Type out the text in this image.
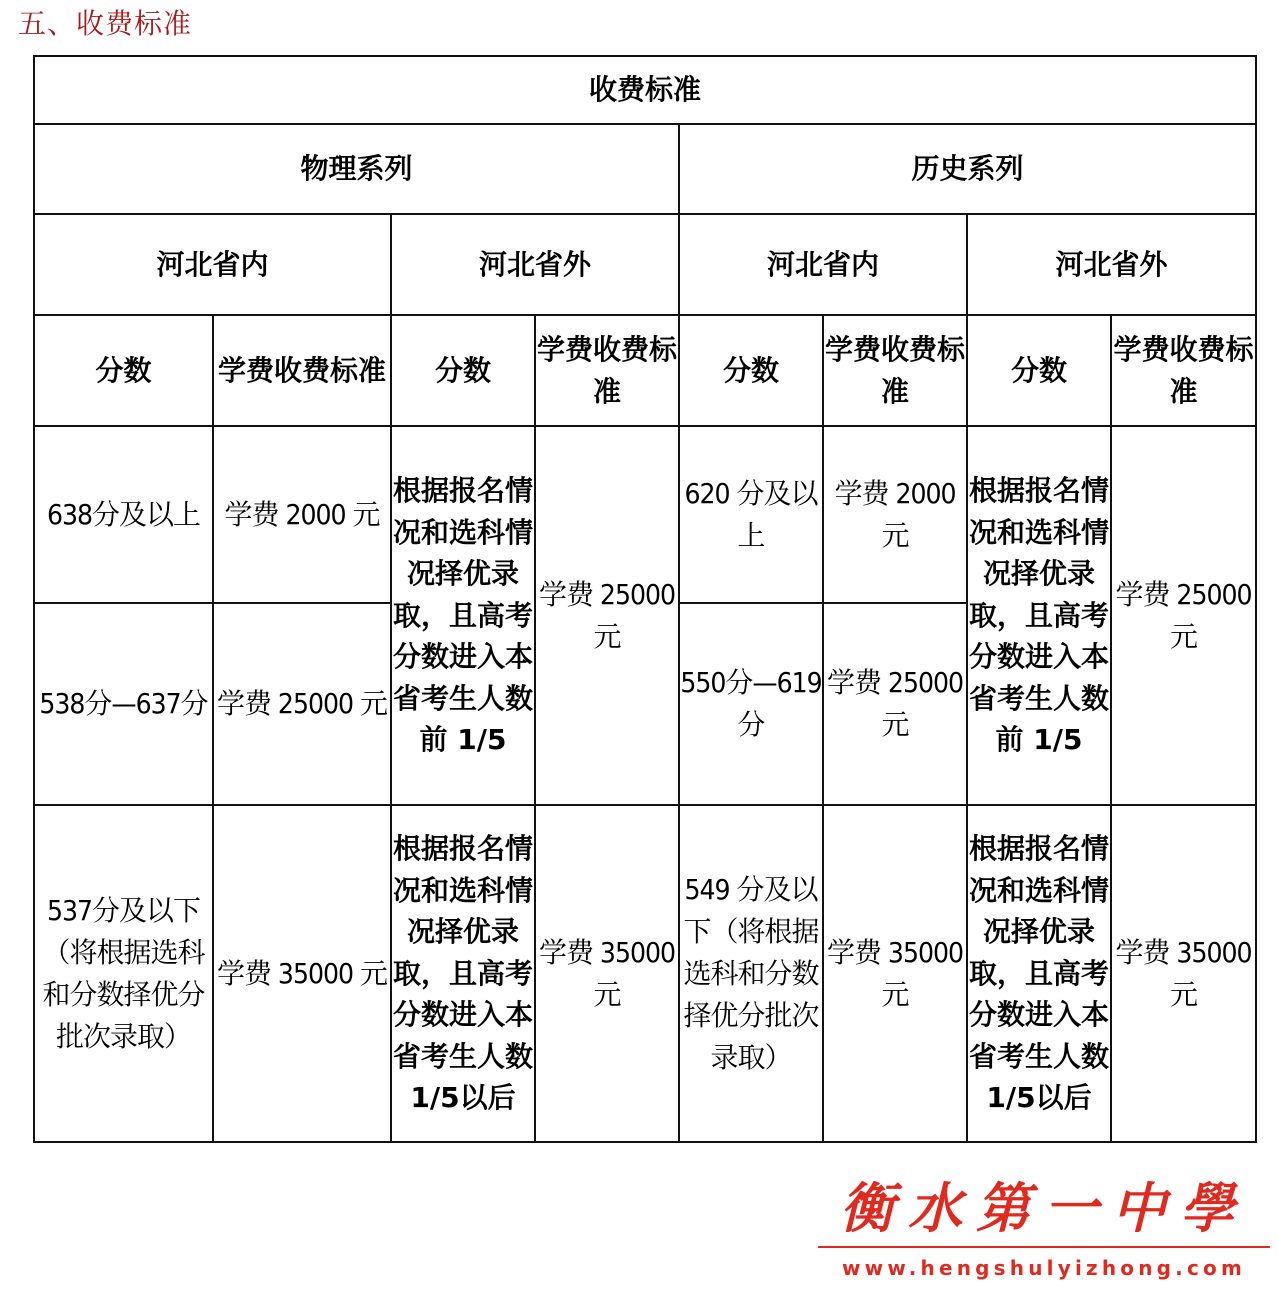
五、收费标准
收费标准							
物理系列				历史系列			
河北省内		河北省外		河北省内		河北省外	
分数	学费收费标准	分数	学费收费标准	分数	学费收费标准	分数	学费收费标准
638分及以上	学费 2000 元	根据报名情况和选科情况择优录取，且高考分数进入本省考生人数前 1/5	学费 25000 元	620 分及以上	学费 2000 元	根据报名情况和选科情况择优录取，且高考分数进入本省考生人数前 1/5	学费 25000 元
538分—637分	学费 25000 元			550分—619分	学费 25000 元		
537分及以下（将根据选科和分数择优分批次录取）	学费 35000 元	根据报名情况和选科情况择优录取，且高考分数进入本省考生人数 1/5以后	学费 35000 元	549 分及以下（将根据选科和分数择优分批次录取）	学费 35000 元	根据报名情况和选科情况择优录取，且高考分数进入本省考生人数 1/5以后	学费 35000 元
衡水第一中學
www.hengshulyizhong.com
